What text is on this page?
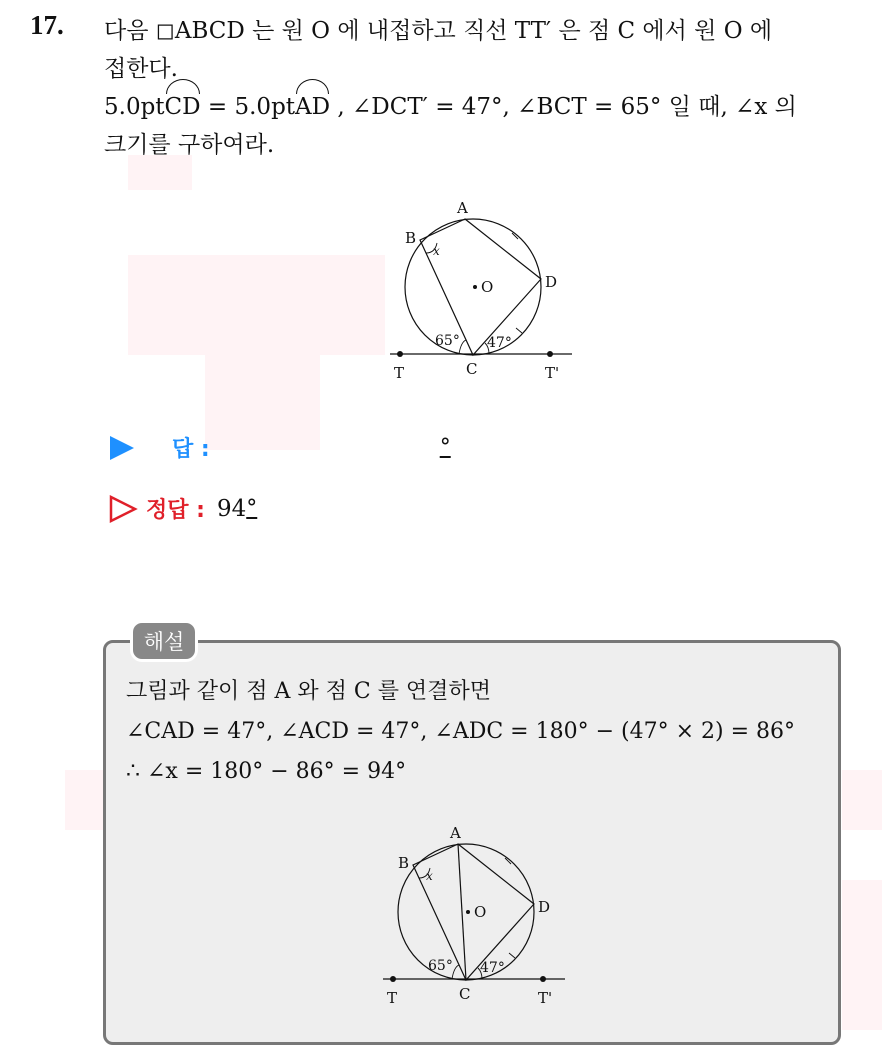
17. 다음 ◻ABCD 는 원 O 에 내접하고 직선 TT′ 은 점 C 에서 원 O 에
접한다.
5.0ptCD = 5.0ptAD , ∠DCT′ = 47°, ∠BCT = 65° 일 때, ∠x 의
크기를 구하여라.
A
B
D
O
C
T	T'
x
65° 47°
답 :	°
정답 : 94 °
해설
그림과 같이 점 A 와 점 C 를 연결하면
∠CAD = 47°, ∠ACD = 47°, ∠ADC = 180° − (47° × 2) = 86°
∴ ∠x = 180° − 86° = 94°
A
B
D
O
C
T	T'
x
65° 47°
